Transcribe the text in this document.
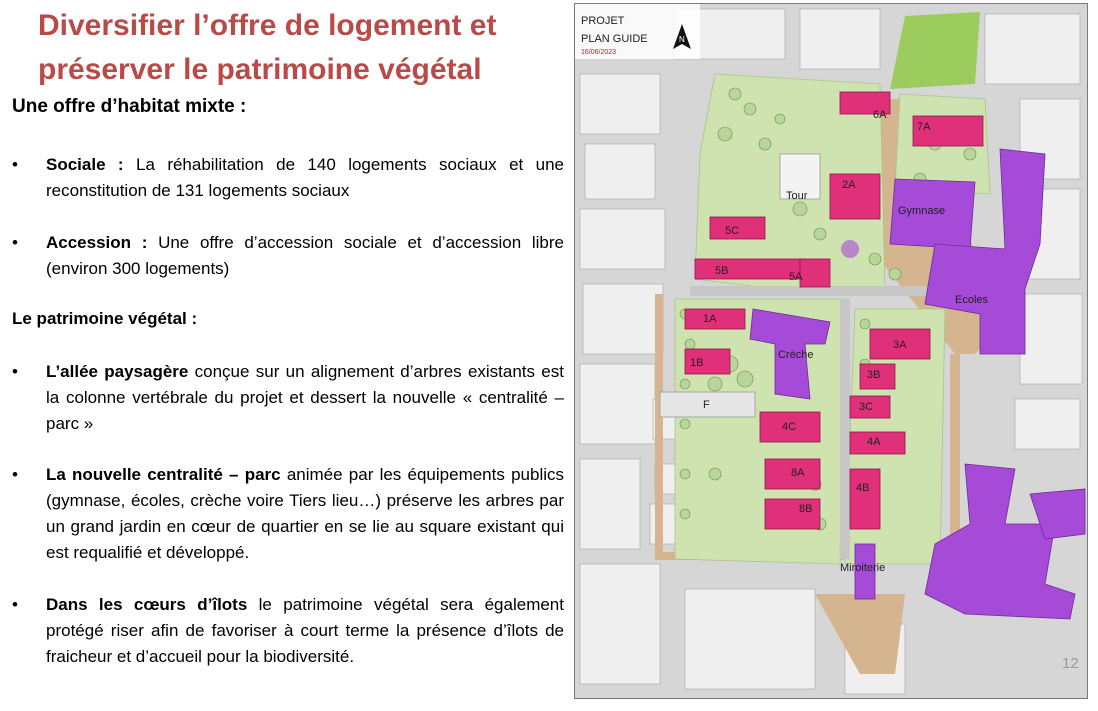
Diversifier l’offre de logement et
préserver le patrimoine végétal

Une offre d’habitat mixte :

•	Sociale : La réhabilitation de 140 logements sociaux et une reconstitution de 131 logements sociaux
•	Accession : Une offre d’accession sociale et d’accession libre (environ 300 logements)

Le patrimoine végétal :

•	L’allée paysagère conçue sur un alignement d’arbres existants est la colonne vertébrale du projet et dessert la nouvelle « centralité – parc »
•	La nouvelle centralité – parc animée par les équipements publics (gymnase, écoles, crèche voire Tiers lieu…) préserve les arbres par un grand jardin en cœur de quartier en se lie au square existant qui est requalifié et développé.
•	Dans les cœurs d’îlots le patrimoine végétal sera également protégé riser afin de favoriser à court terme la présence d’îlots de fraicheur et d’accueil pour la biodiversité.
6A
7A
2A
Tour
Gymnase
5C
5B	5A
Ecoles
1A
1B
Crèche
3A
3B
3C
F
4C
4A
8A
4B
8B
Miroiterie
PROJET
PLAN GUIDE
16/06/2023
N
12
